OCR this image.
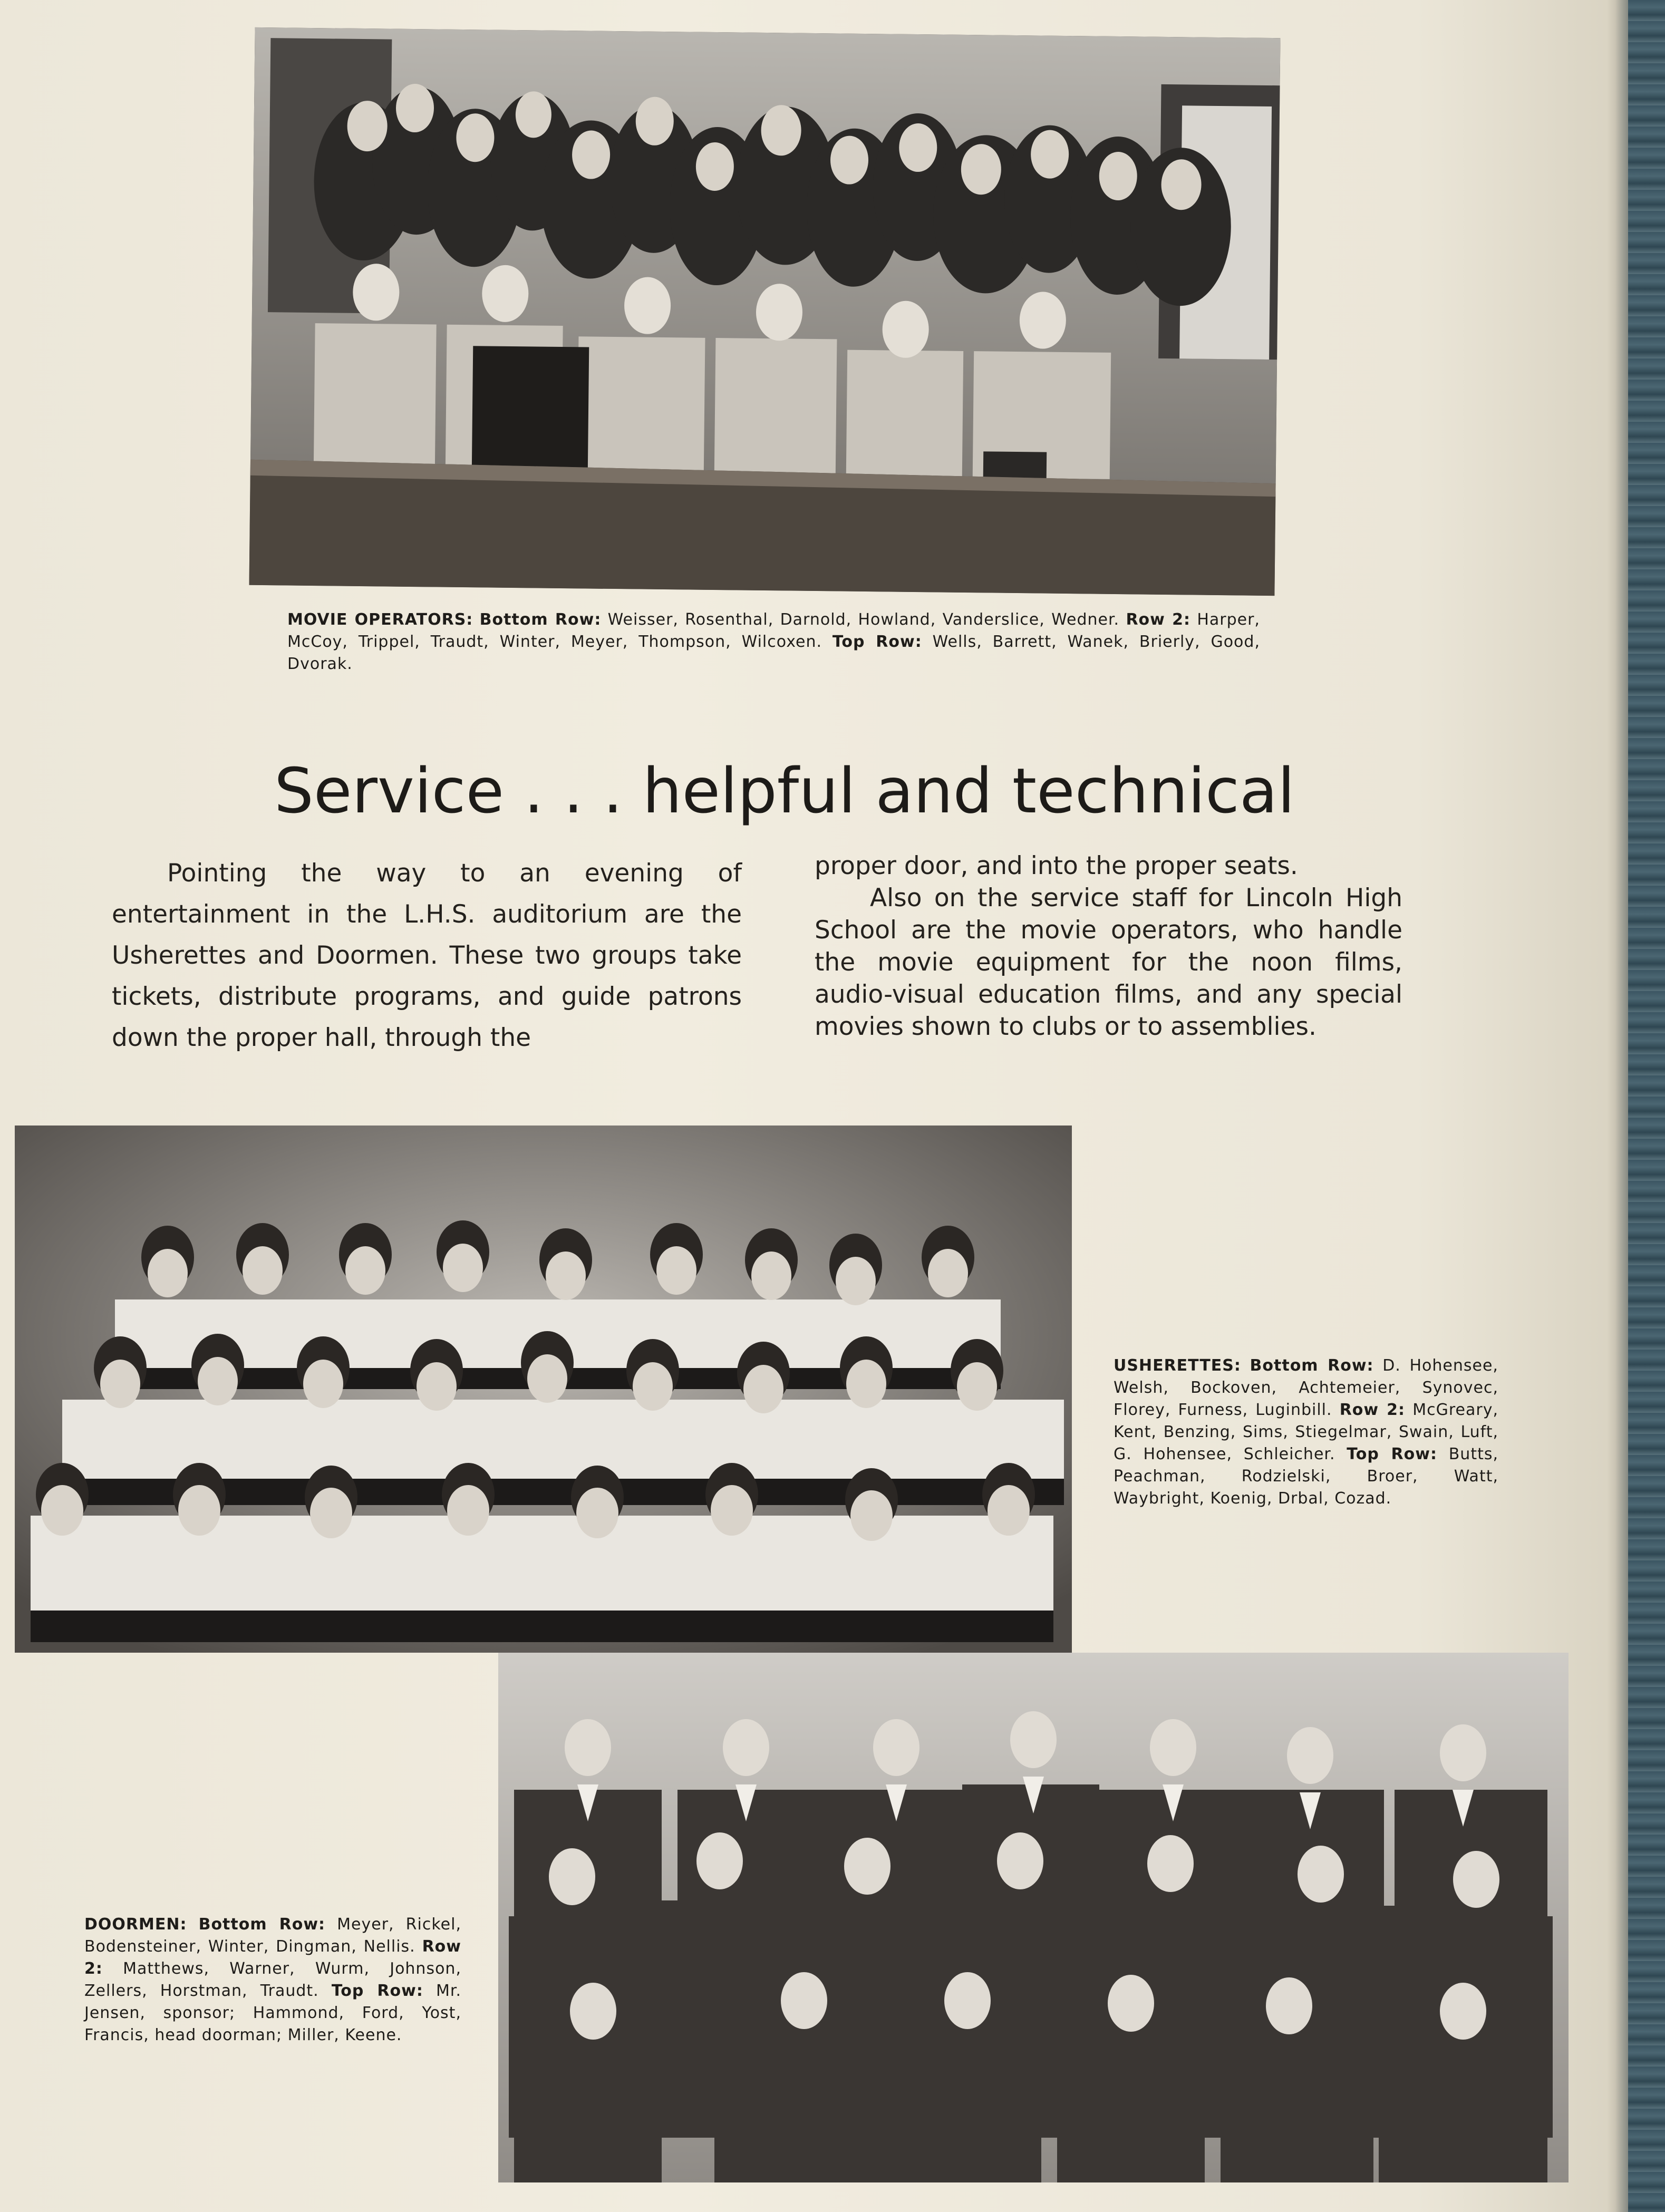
MOVIE OPERATORS: Bottom Row: Weisser, Rosenthal, Darnold, Howland, Vanderslice, Wedner. Row 2: Harper, McCoy, Trippel, Traudt, Winter, Meyer, Thompson, Wilcoxen. Top Row: Wells, Barrett, Wanek, Brierly, Good, Dvorak.
Service . . . helpful and technical

Pointing the way to an evening of entertainment in the L.H.S. auditorium are the Usherettes and Doormen. These two groups take tickets, distribute programs, and guide patrons down the proper hall, through the

proper door, and into the proper seats.

Also on the service staff for Lincoln High School are the movie operators, who handle the movie equipment for the noon films, audio-visual education films, and any special movies shown to clubs or to assemblies.

USHERETTES: Bottom Row: D. Hohensee, Welsh, Bockoven, Achtemeier, Synovec, Florey, Furness, Luginbill. Row 2: McGreary, Kent, Benzing, Sims, Stiegelmar, Swain, Luft, G. Hohensee, Schleicher. Top Row: Butts, Peachman, Rodzielski, Broer, Watt, Waybright, Koenig, Drbal, Cozad.
DOORMEN: Bottom Row: Meyer, Rickel, Bodensteiner, Winter, Dingman, Nellis. Row 2: Matthews, Warner, Wurm, Johnson, Zellers, Horstman, Traudt. Top Row: Mr. Jensen, sponsor; Hammond, Ford, Yost, Francis, head doorman; Miller, Keene.
